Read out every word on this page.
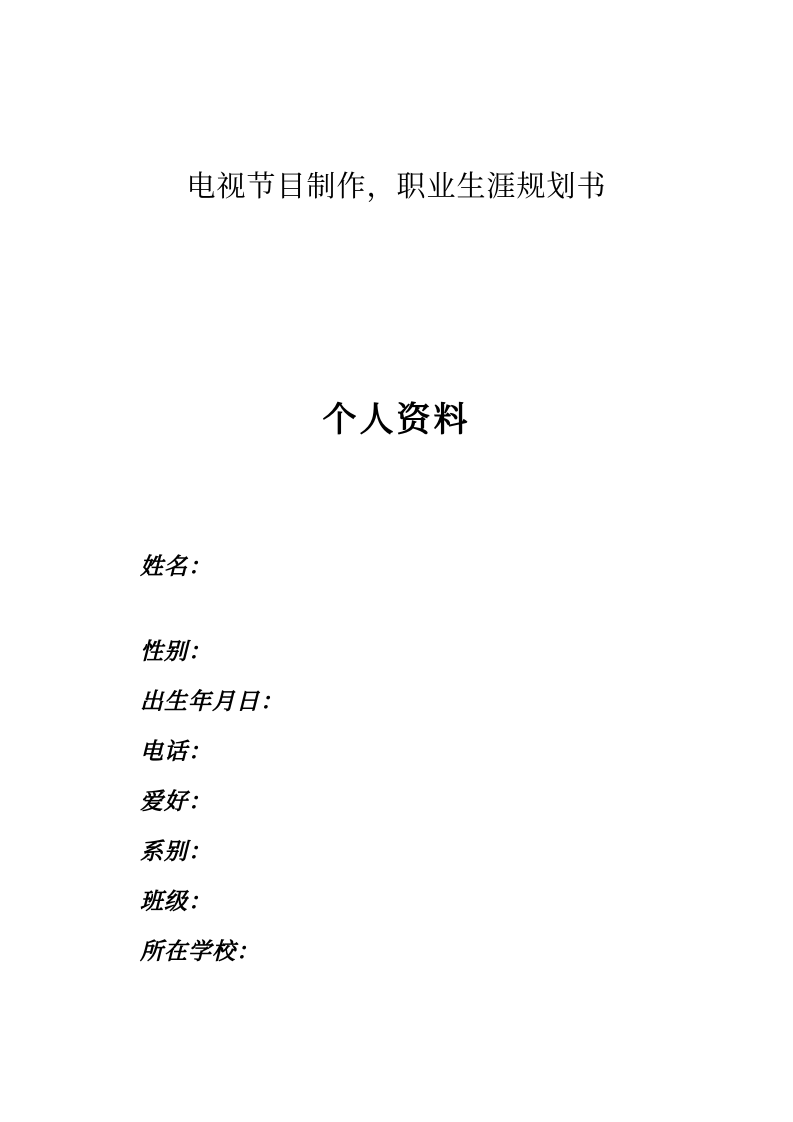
电视节目制作，职业生涯规划书
个人资料
姓名：
性别：
出生年月日：
电话：
爱好：
系别：
班级：
所在学校：
